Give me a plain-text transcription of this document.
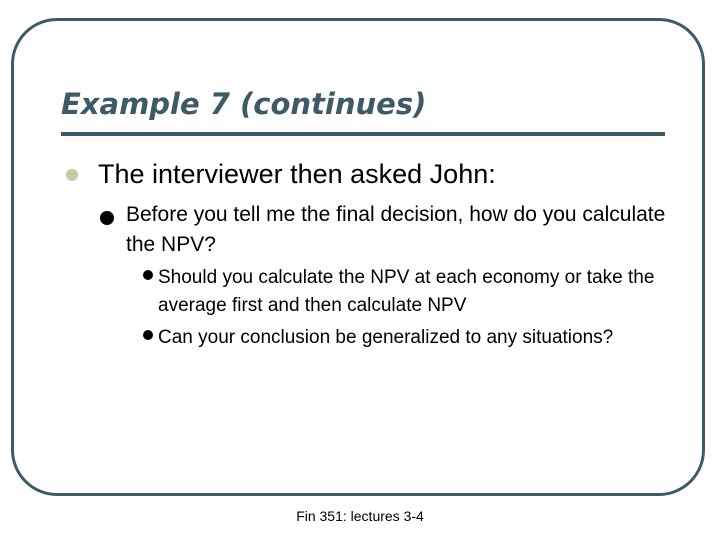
Example 7 (continues)
The interviewer then asked John:
Before you tell me the final decision, how do you calculate the NPV?
Should you calculate the NPV at each economy or take the average first and then calculate NPV
Can your conclusion be generalized to any situations?
Fin 351: lectures 3-4
